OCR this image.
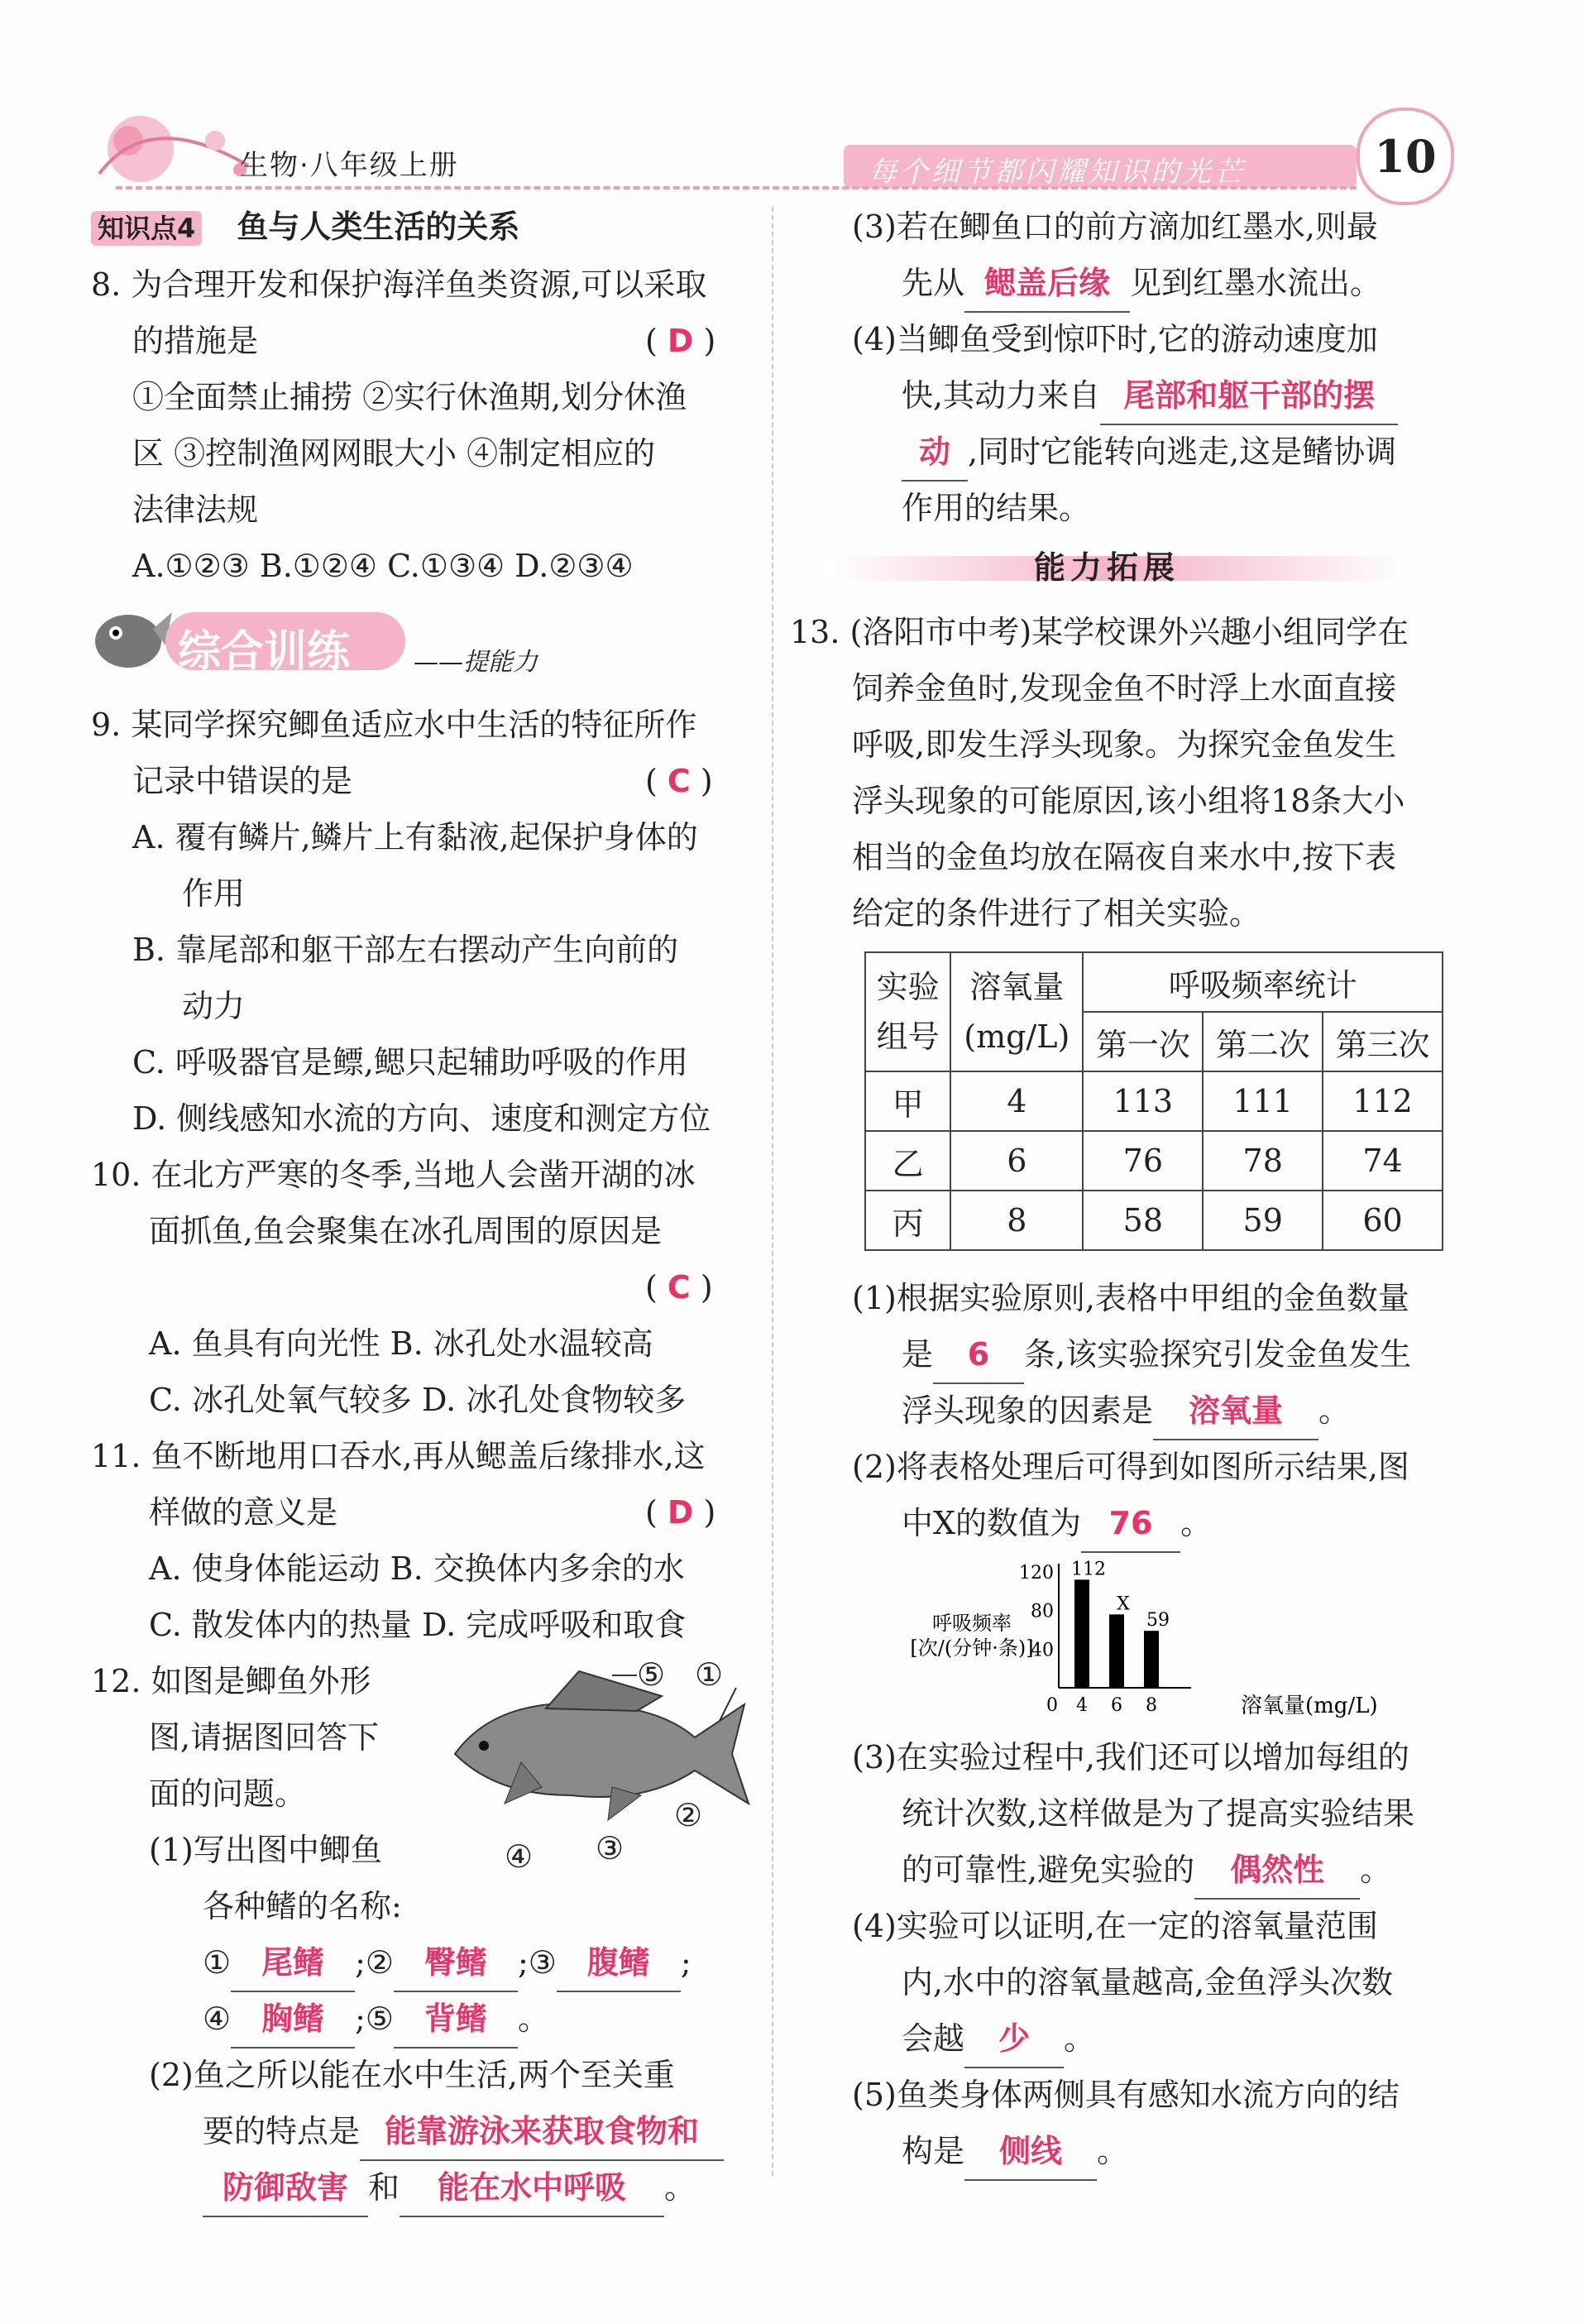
生物·八年级上册	每个细节都闪耀知识的光芒	10
知识点4 鱼与人类生活的关系
8. 为合理开发和保护海洋鱼类资源,可以采取
的措施是	( D )
①全面禁止捕捞 ②实行休渔期,划分休渔
区 ③控制渔网网眼大小 ④制定相应的
法律法规
A.①②③ B.①②④ C.①③④ D.②③④
综合训练	——提能力
9. 某同学探究鲫鱼适应水中生活的特征所作
记录中错误的是	( C )
A. 覆有鳞片,鳞片上有黏液,起保护身体的
作用
B. 靠尾部和躯干部左右摆动产生向前的
动力
C. 呼吸器官是鳔,鳃只起辅助呼吸的作用
D. 侧线感知水流的方向、速度和测定方位
10. 在北方严寒的冬季,当地人会凿开湖的冰
面抓鱼,鱼会聚集在冰孔周围的原因是
( C )
A. 鱼具有向光性 B. 冰孔处水温较高
C. 冰孔处氧气较多 D. 冰孔处食物较多
11. 鱼不断地用口吞水,再从鳃盖后缘排水,这
样做的意义是	( D )
A. 使身体能运动 B. 交换体内多余的水
C. 散发体内的热量 D. 完成呼吸和取食
12. 如图是鲫鱼外形
图,请据图回答下
面的问题。
(1)写出图中鲫鱼
各种鳍的名称:
⑤ ①
②
③
④
① 尾鳍 ;② 臀鳍 ;③ 腹鳍 ;
④ 胸鳍 ;⑤ 背鳍 。
(2)鱼之所以能在水中生活,两个至关重
要的特点是 能靠游泳来获取食物和
防御敌害 和 能在水中呼吸 。
(3)若在鲫鱼口的前方滴加红墨水,则最
先从 鳃盖后缘 见到红墨水流出。
(4)当鲫鱼受到惊吓时,它的游动速度加
快,其动力来自 尾部和躯干部的摆
动 ,同时它能转向逃走,这是鳍协调
作用的结果。
能力拓展
13. (洛阳市中考)某学校课外兴趣小组同学在
饲养金鱼时,发现金鱼不时浮上水面直接
呼吸,即发生浮头现象。为探究金鱼发生
浮头现象的可能原因,该小组将18条大小
相当的金鱼均放在隔夜自来水中,按下表
给定的条件进行了相关实验。
实验
组号	溶氧量
(mg/L)	呼吸频率统计		
		第一次	第二次	第三次
甲	4	113	111	112
乙	6	76	78	74
丙	8	58	59	60
(1)根据实验原则,表格中甲组的金鱼数量
是 6 条,该实验探究引发金鱼发生
浮头现象的因素是 溶氧量 。
(2)将表格处理后可得到如图所示结果,图
中X的数值为 76 。
呼吸频率
[次/(分钟·条)]
0
40
80
120
4
112
6
X
8
59
溶氧量(mg/L)
(3)在实验过程中,我们还可以增加每组的
统计次数,这样做是为了提高实验结果
的可靠性,避免实验的 偶然性 。
(4)实验可以证明,在一定的溶氧量范围
内,水中的溶氧量越高,金鱼浮头次数
会越 少 。
(5)鱼类身体两侧具有感知水流方向的结
构是 侧线 。
